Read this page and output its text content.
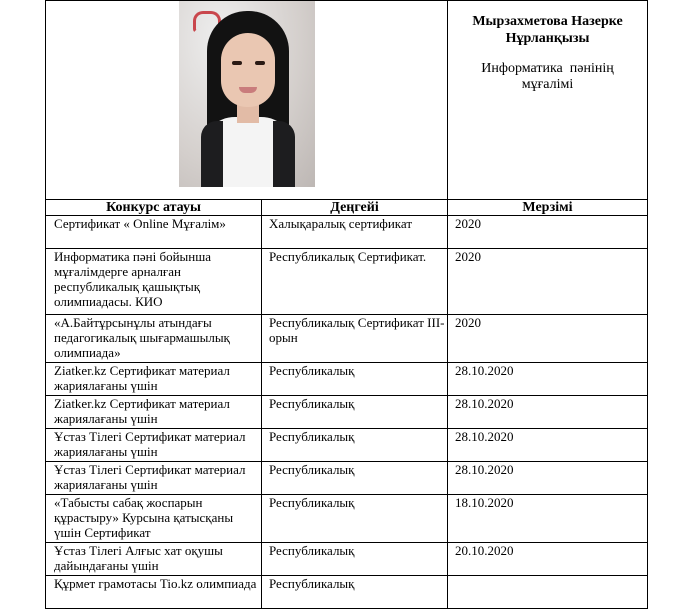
		Мырзахметова Назерке
Нұрланқызы
Информатика  пәнінің
мұғалімі

Конкурс атауы	Деңгейі	Мерзімі
Сертификат « Online Мұғалім»	Халықаралық сертификат	2020
Информатика пәні бойынша мұғалімдерге арналған республикалық қашықтық олимпиадасы. КИО	Республикалық Сертификат.	2020
«А.Байтұрсынұлы атындағы педагогикалық шығармашылық олимпиада»	Республикалық Сертификат ІІІ- орын	2020
Ziatker.kz Сертификат материал жариялағаны үшін	Республикалық	28.10.2020
Ziatker.kz Сертификат материал жариялағаны үшін	Республикалық	28.10.2020
Ұстаз Тілегі Сертификат материал жариялағаны үшін	Республикалық	28.10.2020
Ұстаз Тілегі Сертификат материал жариялағаны үшін	Республикалық	28.10.2020
«Табысты сабақ жоспарын құрастыру» Курсына қатысқаны үшін Сертификат	Республикалық	18.10.2020
Ұстаз Тілегі Алғыс хат оқушы дайындағаны үшін	Республикалық	20.10.2020
Құрмет грамотасы Tio.kz олимпиада	Республикалық	
